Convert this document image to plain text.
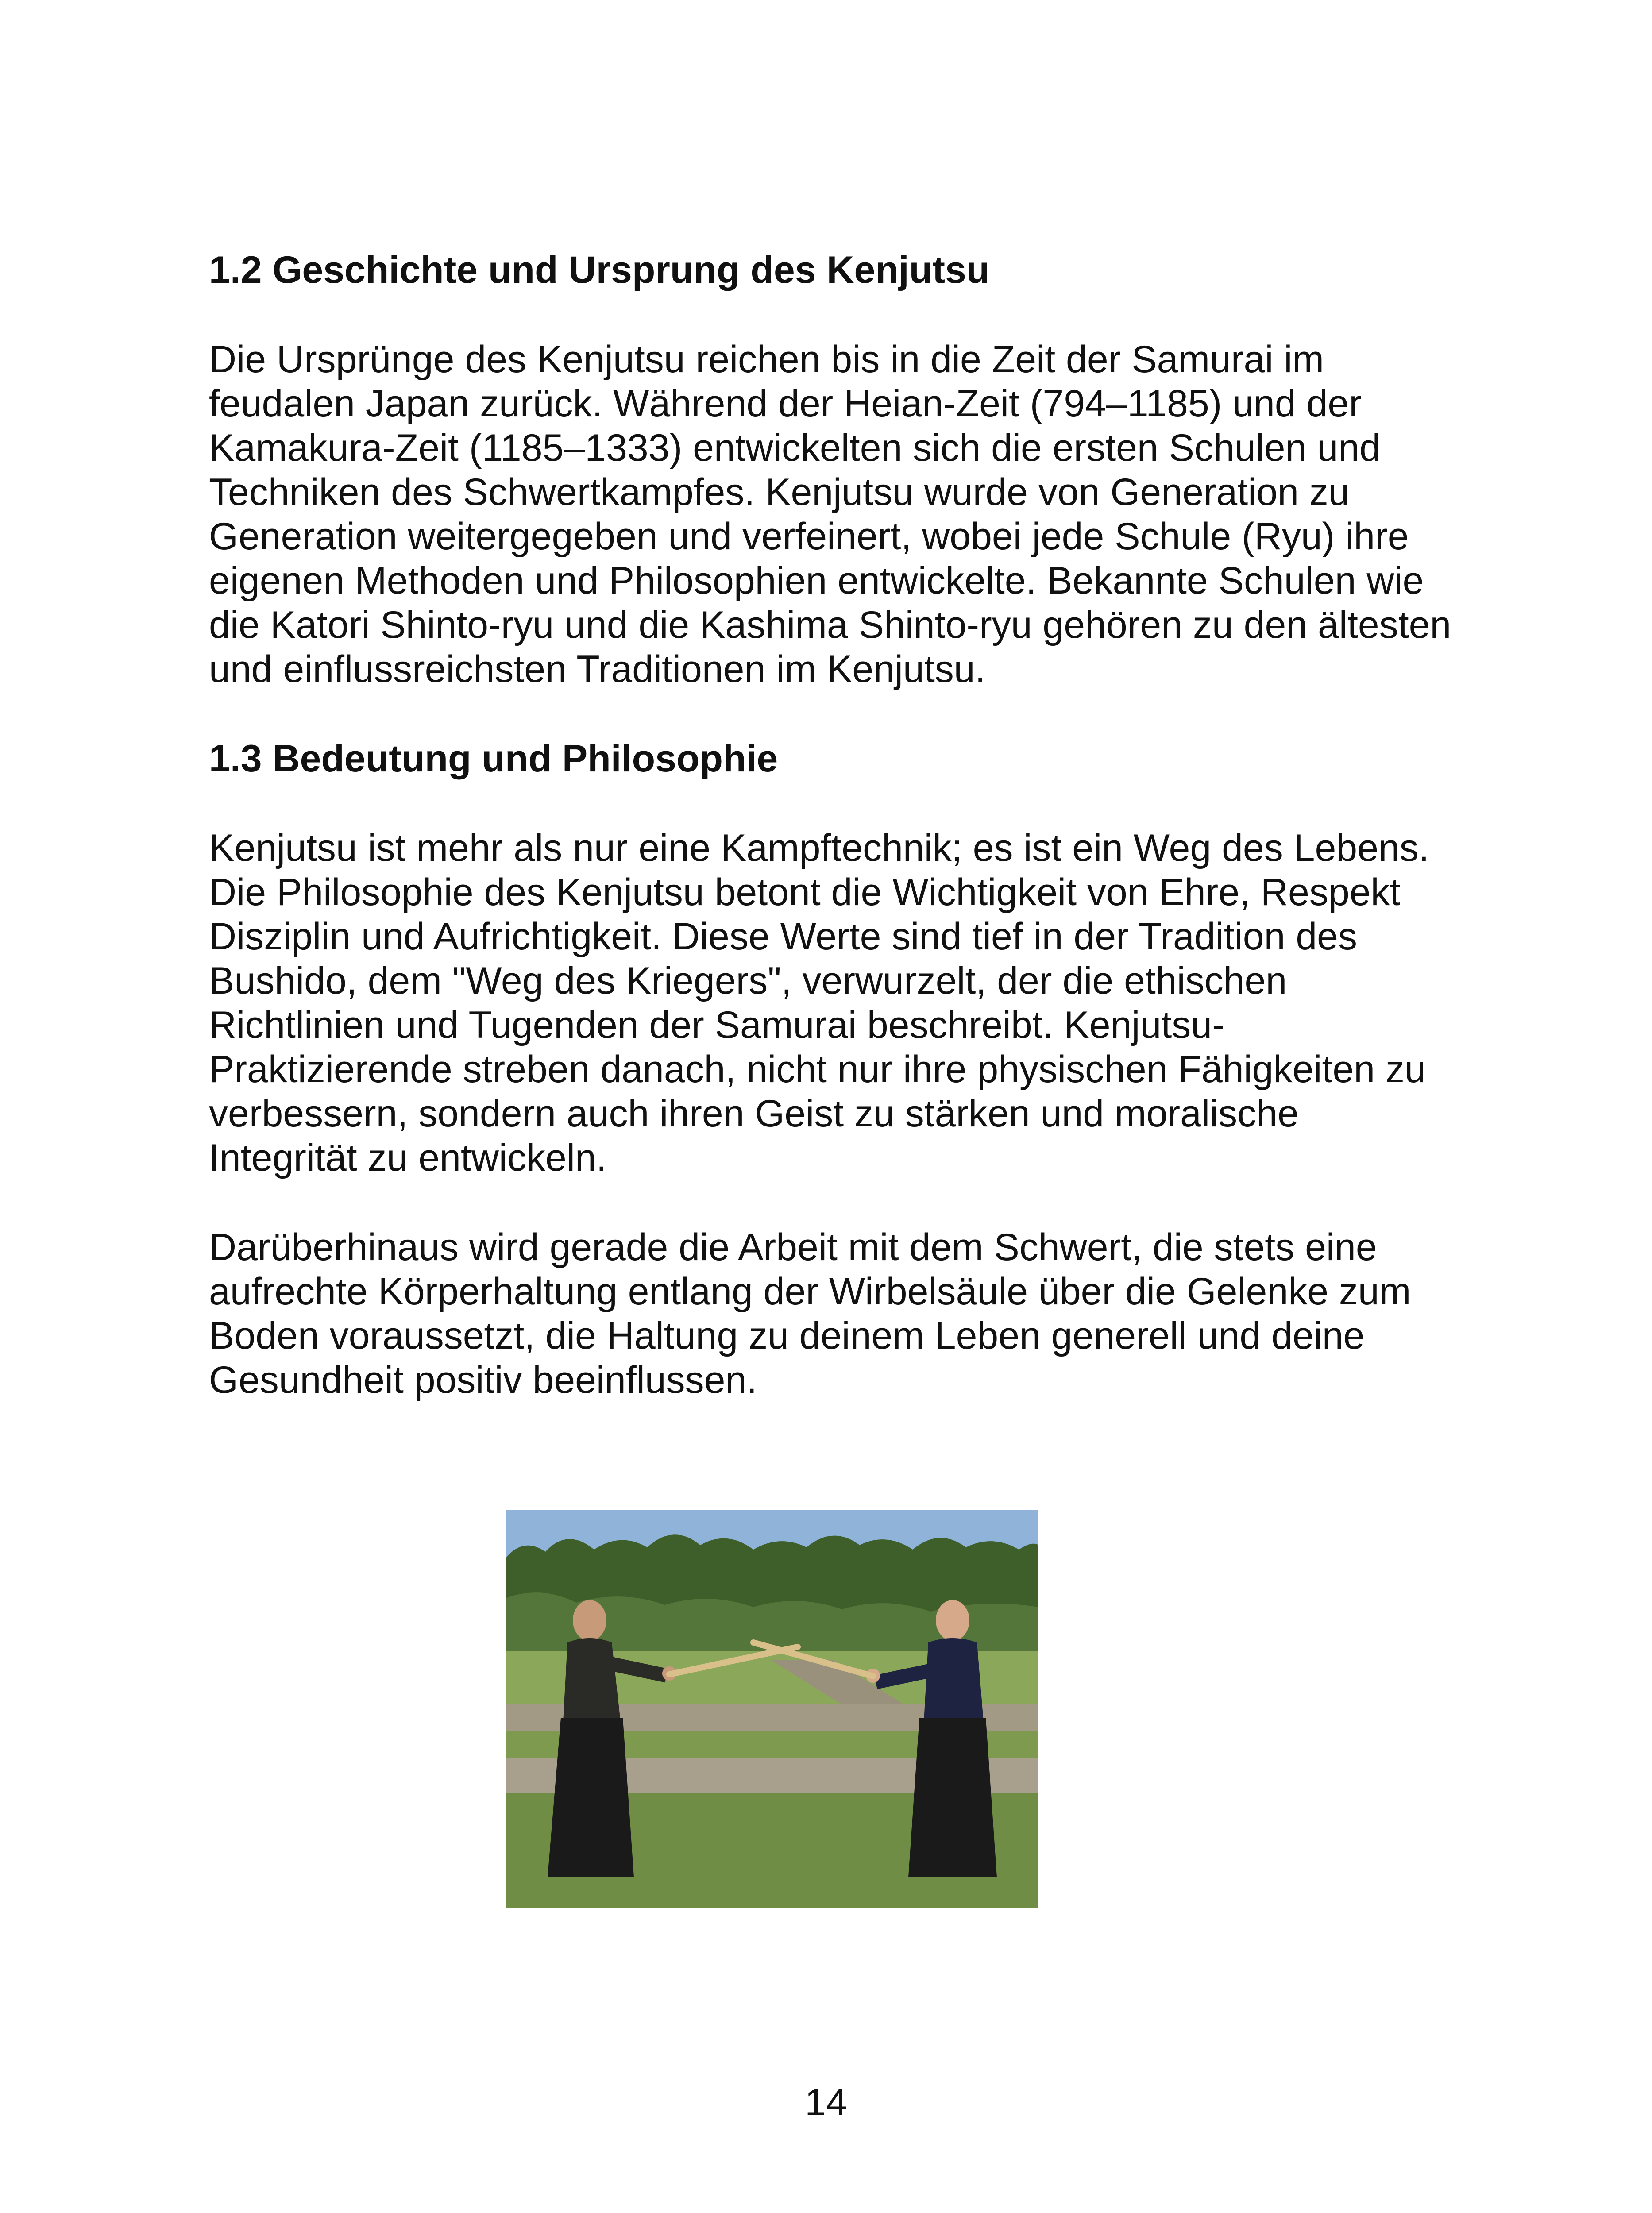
1.2 Geschichte und Ursprung des Kenjutsu

Die Ursprünge des Kenjutsu reichen bis in die Zeit der Samurai im feudalen Japan zurück. Während der Heian-Zeit (794–1185) und der Kamakura-Zeit (1185–1333) entwickelten sich die ersten Schulen und Techniken des Schwertkampfes. Kenjutsu wurde von Generation zu Generation weitergegeben und verfeinert, wobei jede Schule (Ryu) ihre eigenen Methoden und Philosophien entwickelte. Bekannte Schulen wie die Katori Shinto-ryu und die Kashima Shinto-ryu gehören zu den ältesten und einflussreichsten Traditionen im Kenjutsu.

1.3 Bedeutung und Philosophie

Kenjutsu ist mehr als nur eine Kampftechnik; es ist ein Weg des Lebens. Die Philosophie des Kenjutsu betont die Wichtigkeit von Ehre, Respekt Disziplin und Aufrichtigkeit. Diese Werte sind tief in der Tradition des Bushido, dem "Weg des Kriegers", verwurzelt, der die ethischen Richtlinien und Tugenden der Samurai beschreibt. Kenjutsu- Praktizierende streben danach, nicht nur ihre physischen Fähigkeiten zu verbessern, sondern auch ihren Geist zu stärken und moralische Integrität zu entwickeln.

Darüberhinaus wird gerade die Arbeit mit dem Schwert, die stets eine aufrechte Körperhaltung entlang der Wirbelsäule über die Gelenke zum Boden voraussetzt, die Haltung zu deinem Leben generell und deine Gesundheit positiv beeinflussen.

14
